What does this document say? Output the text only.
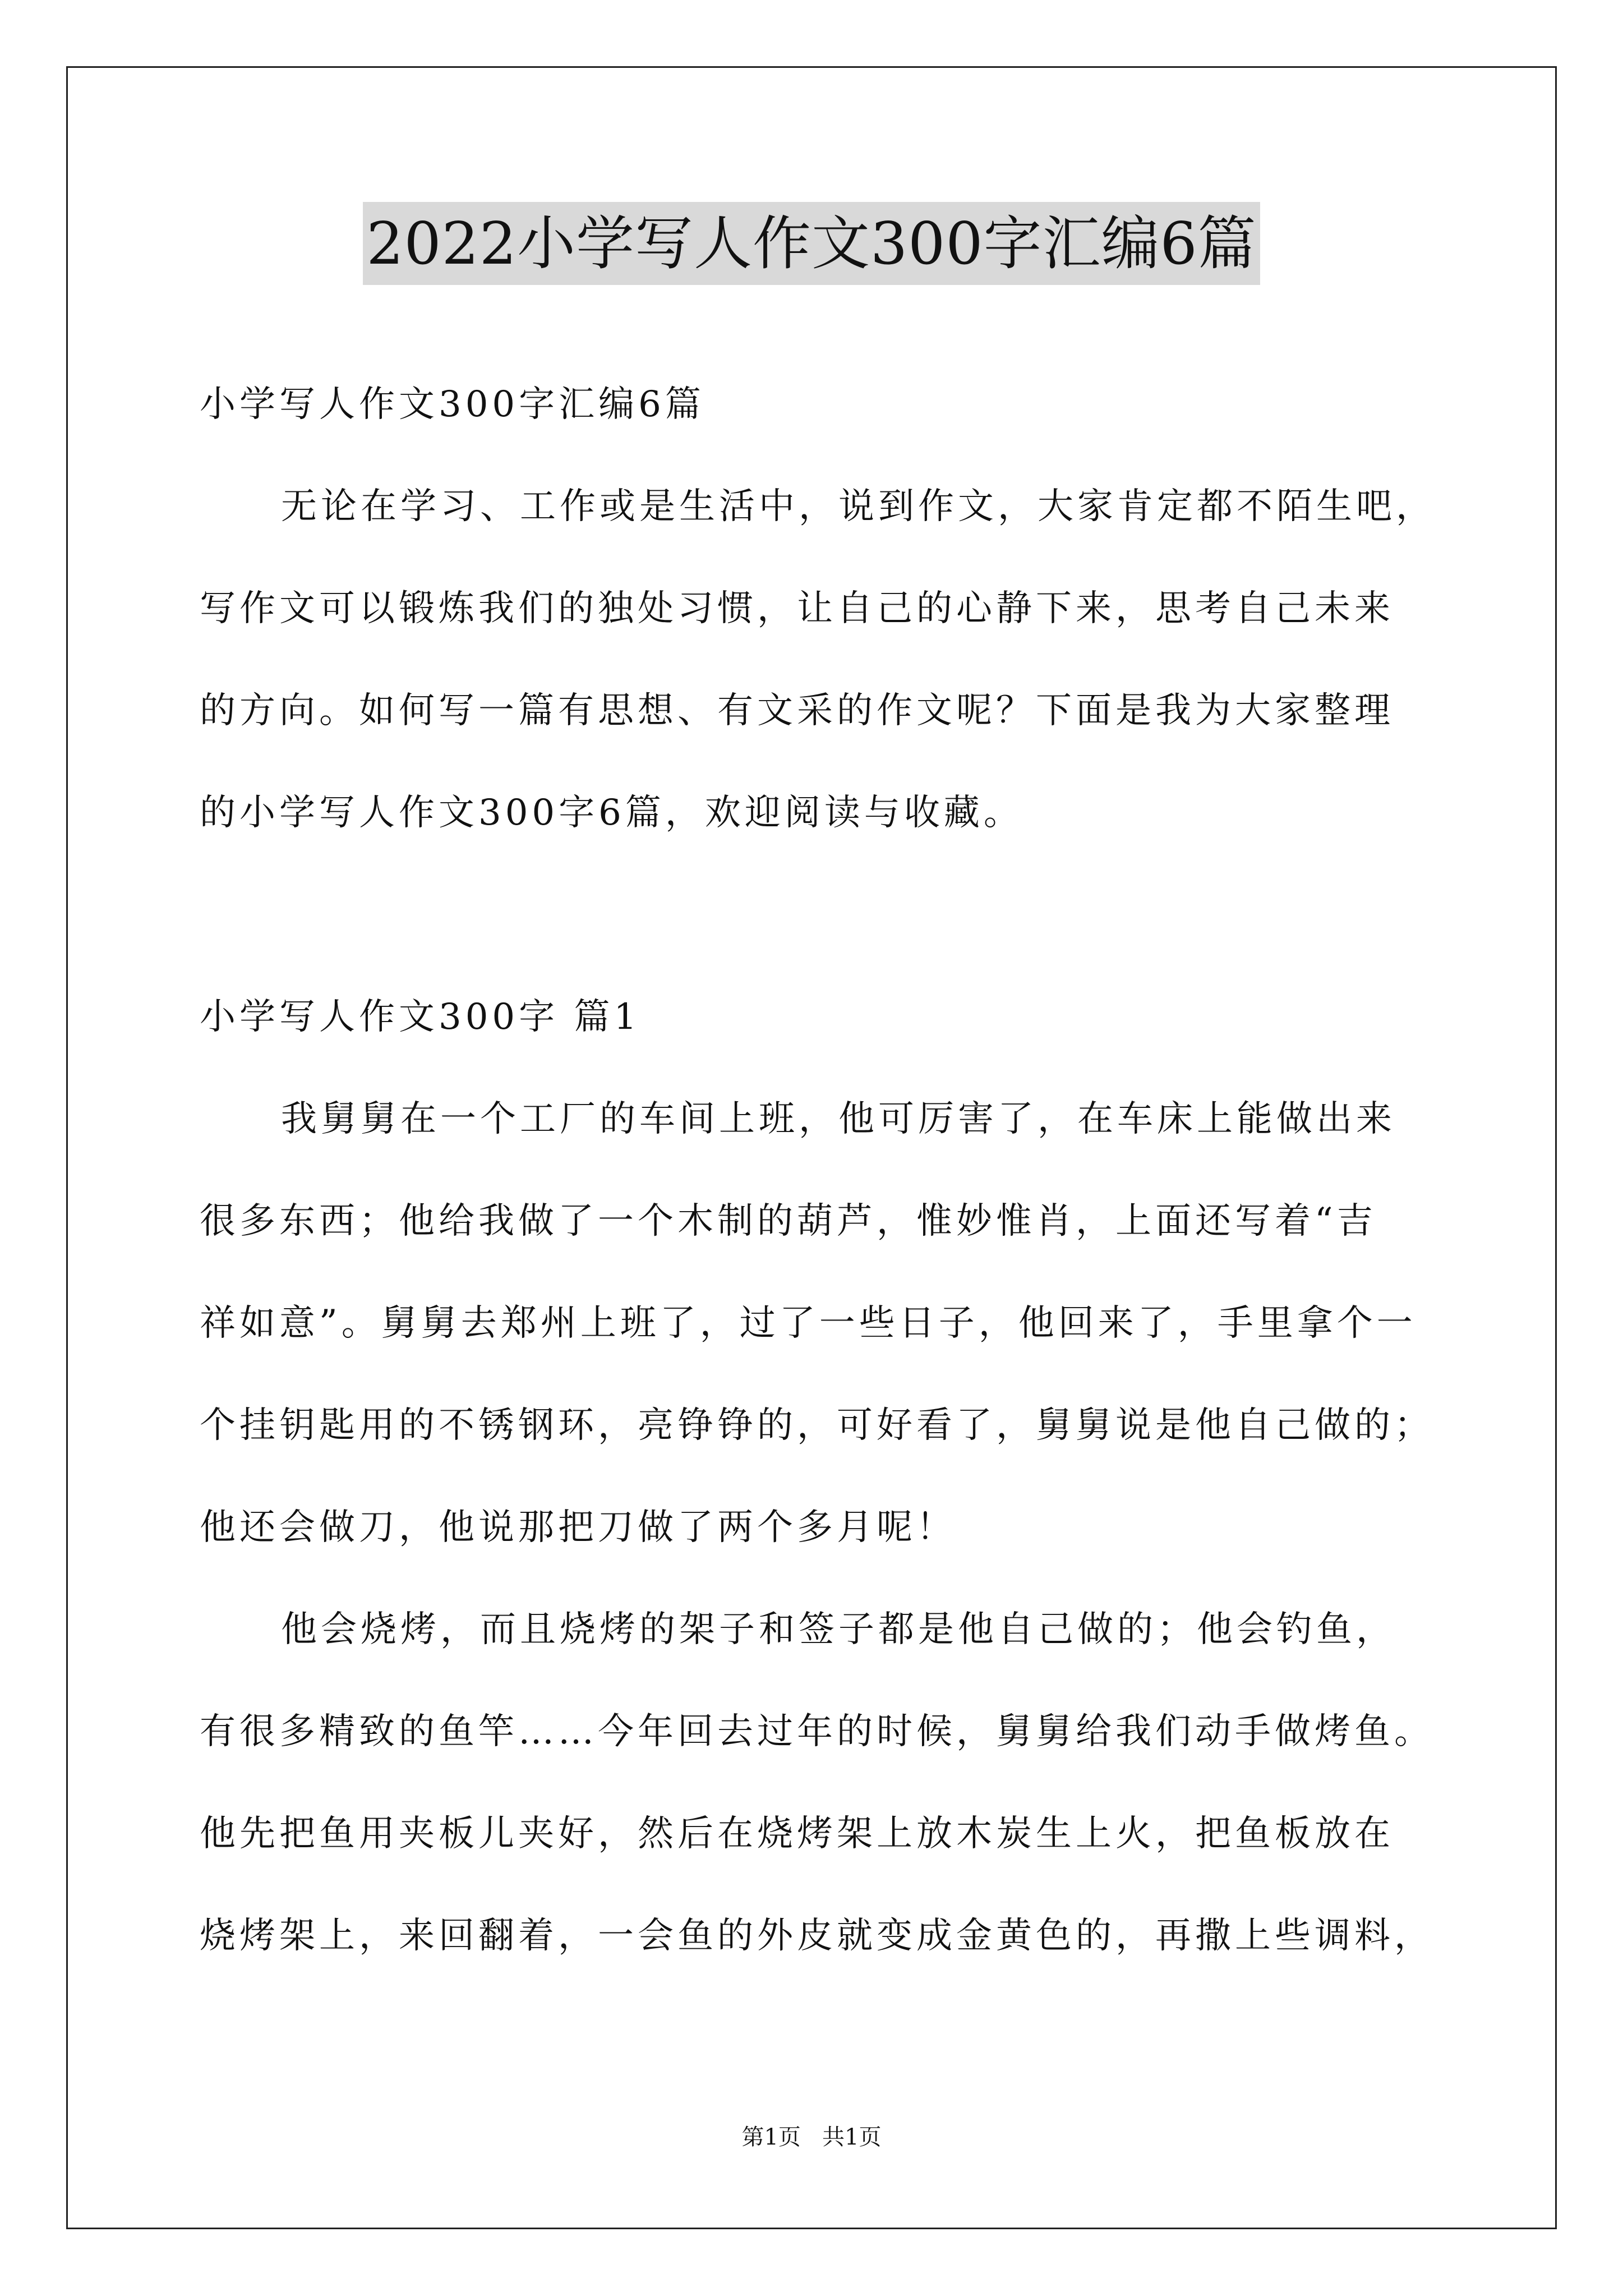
2022小学写人作文300字汇编6篇

小学写人作文300字汇编6篇

无论在学习、工作或是生活中，说到作文，大家肯定都不陌生吧，

写作文可以锻炼我们的独处习惯，让自己的心静下来，思考自己未来

的方向。如何写一篇有思想、有文采的作文呢？下面是我为大家整理

的小学写人作文300字6篇，欢迎阅读与收藏。

小学写人作文300字 篇1

我舅舅在一个工厂的车间上班，他可厉害了，在车床上能做出来

很多东西；他给我做了一个木制的葫芦，惟妙惟肖，上面还写着“吉

祥如意”。舅舅去郑州上班了，过了一些日子，他回来了，手里拿个一

个挂钥匙用的不锈钢环，亮铮铮的，可好看了，舅舅说是他自己做的；

他还会做刀，他说那把刀做了两个多月呢！

他会烧烤，而且烧烤的架子和签子都是他自己做的；他会钓鱼，

有很多精致的鱼竿……今年回去过年的时候，舅舅给我们动手做烤鱼。

他先把鱼用夹板儿夹好，然后在烧烤架上放木炭生上火，把鱼板放在

烧烤架上，来回翻着，一会鱼的外皮就变成金黄色的，再撒上些调料，

第1页   共1页
